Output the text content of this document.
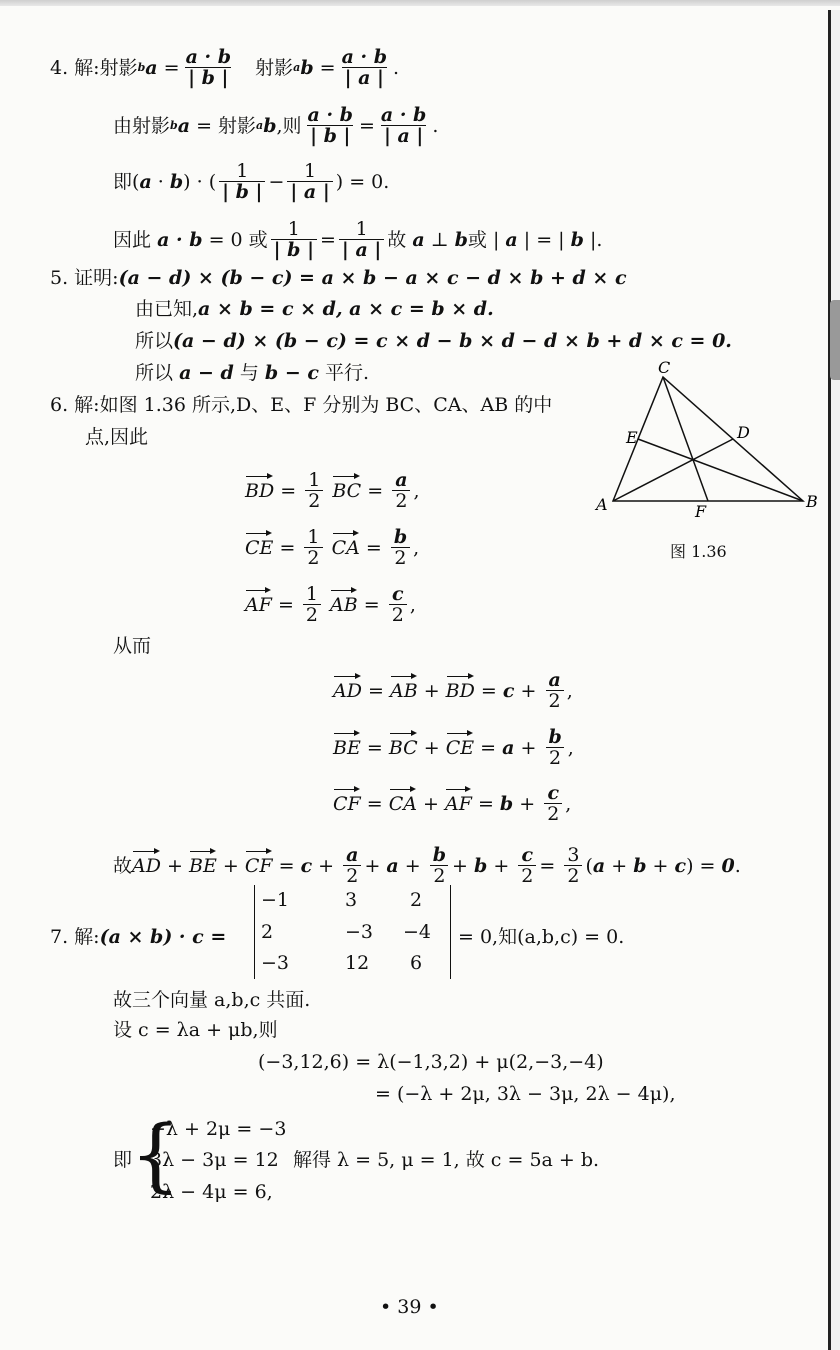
4. 解: 射影 b $a = \frac{a \cdot b}{| b |}$
射影 a $b = \frac{a \cdot b}{| a |}$ .
由射影 b a
= 射影 a b ,则 $\frac{a \cdot b}{| b |} = \frac{a \cdot b}{| a |}$ .
即 ( a · b ) · ( $\frac{1}{| b |} - \frac{1}{| a |}$ ) = 0.
因此
a · b
= 0 或 $\frac{1}{| b |} = \frac{1}{| a |}$ 故
a ⊥ b 或 | a | = | b | .
5. 证明: (a − d) × (b − c) = a × b − a × c − d × b + d × c
由已知, a × b = c × d, a × c = b × d.
所以 (a − d) × (b − c) = c × d − b × d − d × b + d × c = 0.
所以
a − d
与
b − c
平行.
6. 解: 如图 1.36 所示,D、E、F 分别为 BC、CA、AB 的中
点,因此
BD = $\frac{1}{2}$
BC = $\frac{a}{2}$ ,
CE = $\frac{1}{2}$
CA = $\frac{b}{2}$ ,
AF = $\frac{1}{2}$
AB = $\frac{c}{2}$ ,
C
E	D
A	B
F
图 1.36
从而
AD = AB + BD = $c + \frac{a}{2}$ ,
BE = BC + CE = $a + \frac{b}{2}$ ,
CF = CA + AF = $b + \frac{c}{2}$ ,
故 AD + BE + CF = $c + \frac{a}{2} + a + \frac{b}{2} + b + \frac{c}{2} = \frac{3}{2}$ ( a + b + c ) = 0 .
7. 解: (a × b) · c =
−1	3	2
2	−3 −4
−3	12 6
= 0,知(a,b,c) = 0.
故三个向量 a,b,c 共面.
设 c = λa + μb,则
(−3,12,6) = λ(−1,3,2) + μ(2,−3,−4)
= (−λ + 2μ, 3λ − 3μ, 2λ − 4μ),
即
{
−λ + 2μ = −3
3λ − 3μ = 12
2λ − 4μ = 6,
解得 λ = 5, μ = 1, 故 c = 5a + b.
• 39 •
